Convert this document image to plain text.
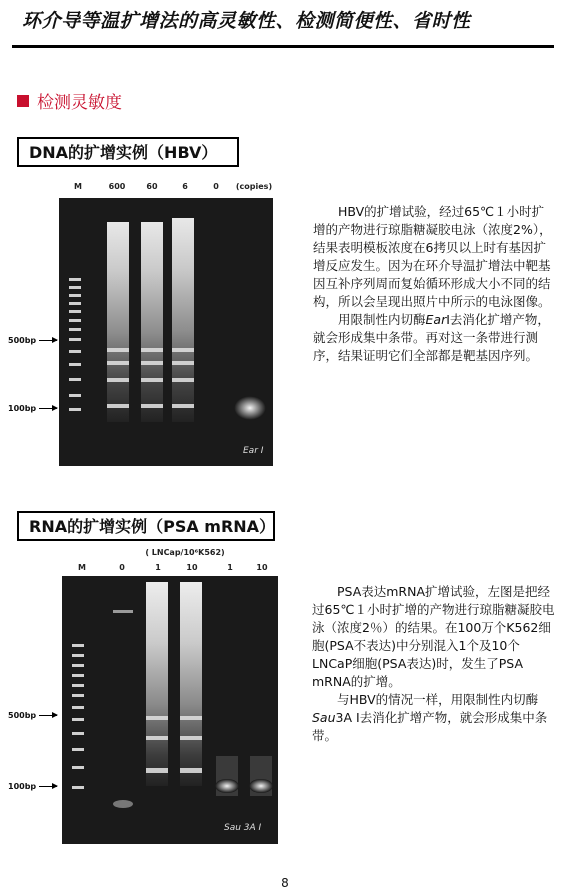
环介导等温扩增法的高灵敏性、检测简便性、省时性
检测灵敏度
DNA的扩增实例（HBV）
M	600	60	6	0	(copies)
500bp
100bp
Ear I

HBV的扩增试验，经过65℃１小时扩增的产物进行琼脂糖凝胶电泳（浓度2%），结果表明模板浓度在6拷贝以上时有基因扩增反应发生。因为在环介导温扩增法中靶基因互补序列周而复始循环形成大小不同的结构，所以会呈现出照片中所示的电泳图像。

用限制性内切酶EarⅠ去消化扩增产物，就会形成集中条带。再对这一条带进行测序，结果证明它们全部都是靶基因序列。

RNA的扩增实例（PSA mRNA）
( LNCap/10⁶K562)
M	0	1	10	1	10
500bp
100bp
Sau 3A I

PSA表达mRNA扩增试验，左图是把经过65℃１小时扩增的产物进行琼脂糖凝胶电泳（浓度2％）的结果。在100万个K562细胞(PSA不表达)中分别混入1个及10个 LNCaP细胞(PSA表达)时，发生了PSA mRNA的扩增。

与HBV的情况一样，用限制性内切酶Sau3A Ⅰ去消化扩增产物，就会形成集中条带。

8
